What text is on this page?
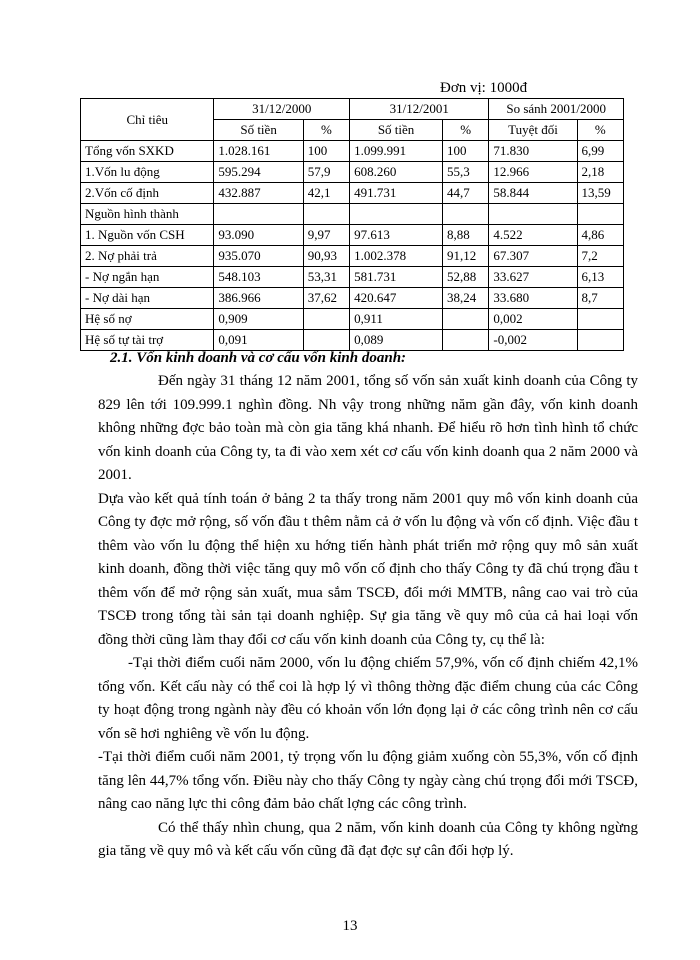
Đơn vị: 1000đ
Chỉ tiêu	31/12/2000		31/12/2001		So sánh 2001/2000	
	Số tiền	%	Số tiền	%	Tuyệt đối	%
Tổng vốn SXKD	1.028.161	100	1.099.991	100	71.830	6,99
1.Vốn lu động	595.294	57,9	608.260	55,3	12.966	2,18
2.Vốn cố định	432.887	42,1	491.731	44,7	58.844	13,59
Nguồn hình thành						
1. Nguồn vốn CSH	93.090	9,97	97.613	8,88	4.522	4,86
2. Nợ phải trả	935.070	90,93	1.002.378	91,12	67.307	7,2
- Nợ ngắn hạn	548.103	53,31	581.731	52,88	33.627	6,13
- Nợ dài hạn	386.966	37,62	420.647	38,24	33.680	8,7
Hệ số nợ	0,909		0,911		0,002	
Hệ số tự tài trợ	0,091		0,089		-0,002	
2.1. Vốn kinh doanh và cơ cấu vốn kinh doanh:

Đến ngày 31 tháng 12 năm 2001, tổng số vốn sản xuất kinh doanh của Công ty 829 lên tới 109.999.1 nghìn đồng. Nh vậy trong những năm gần đây, vốn kinh doanh không những đợc bảo toàn mà còn gia tăng khá nhanh. Để hiểu rõ hơn tình hình tổ chức vốn kinh doanh của Công ty, ta đi vào xem xét cơ cấu vốn kinh doanh qua 2 năm 2000 và 2001.

Dựa vào kết quả tính toán ở bảng 2 ta thấy trong năm 2001 quy mô vốn kinh doanh của Công ty đợc mở rộng, số vốn đầu t thêm nằm cả ở vốn lu động và vốn cố định. Việc đầu t thêm vào vốn lu động thể hiện xu hớng tiến hành phát triển mở rộng quy mô sản xuất kinh doanh, đồng thời việc tăng quy mô vốn cố định cho thấy Công ty đã chú trọng đầu t thêm vốn để mở rộng sản xuất, mua sắm TSCĐ, đổi mới MMTB, nâng cao vai trò của TSCĐ trong tổng tài sản tại doanh nghiệp. Sự gia tăng về quy mô của cả hai loại vốn đồng thời cũng làm thay đổi cơ cấu vốn kinh doanh của Công ty, cụ thể là:

-Tại thời điểm cuối năm 2000, vốn lu động chiếm 57,9%, vốn cố định chiếm 42,1% tổng vốn. Kết cấu này có thể coi là hợp lý vì thông thờng đặc điểm chung của các Công ty hoạt động trong ngành này đều có khoản vốn lớn đọng lại ở các công trình nên cơ cấu vốn sẽ hơi nghiêng về vốn lu động.

-Tại thời điểm cuối năm 2001, tỷ trọng vốn lu động giảm xuống còn 55,3%, vốn cố định tăng lên 44,7% tổng vốn. Điều này cho thấy Công ty ngày càng chú trọng đổi mới TSCĐ, nâng cao năng lực thi công đảm bảo chất lợng các công trình.

Có thể thấy nhìn chung, qua 2 năm, vốn kinh doanh của Công ty không ngừng gia tăng về quy mô và kết cấu vốn cũng đã đạt đợc sự cân đối hợp lý.

13
